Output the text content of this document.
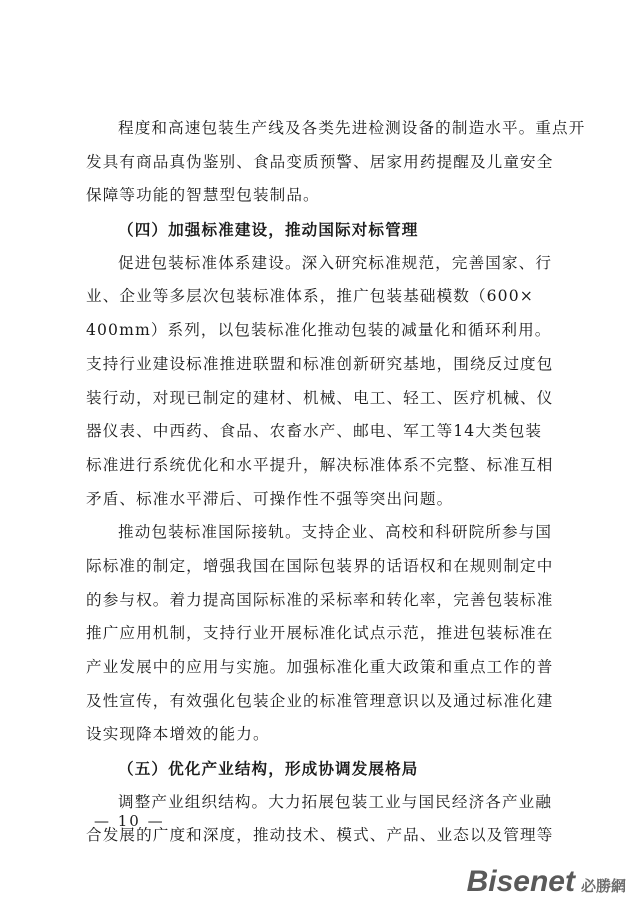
程度和高速包装生产线及各类先进检测设备的制造水平。重点开
发具有商品真伪鉴别、食品变质预警、居家用药提醒及儿童安全
保障等功能的智慧型包装制品。
（四）加强标准建设，推动国际对标管理
促进包装标准体系建设。深入研究标准规范，完善国家、行
业、企业等多层次包装标准体系，推广包装基础模数（600×
400mm）系列，以包装标准化推动包装的减量化和循环利用。
支持行业建设标准推进联盟和标准创新研究基地，围绕反过度包
装行动，对现已制定的建材、机械、电工、轻工、医疗机械、仪
器仪表、中西药、食品、农畜水产、邮电、军工等14大类包装
标准进行系统优化和水平提升，解决标准体系不完整、标准互相
矛盾、标准水平滞后、可操作性不强等突出问题。
推动包装标准国际接轨。支持企业、高校和科研院所参与国
际标准的制定，增强我国在国际包装界的话语权和在规则制定中
的参与权。着力提高国际标准的采标率和转化率，完善包装标准
推广应用机制，支持行业开展标准化试点示范，推进包装标准在
产业发展中的应用与实施。加强标准化重大政策和重点工作的普
及性宣传，有效强化包装企业的标准管理意识以及通过标准化建
设实现降本增效的能力。
（五）优化产业结构，形成协调发展格局
调整产业组织结构。大力拓展包装工业与国民经济各产业融
合发展的广度和深度，推动技术、模式、产品、业态以及管理等
— 10 —
Bisenet 必勝網
